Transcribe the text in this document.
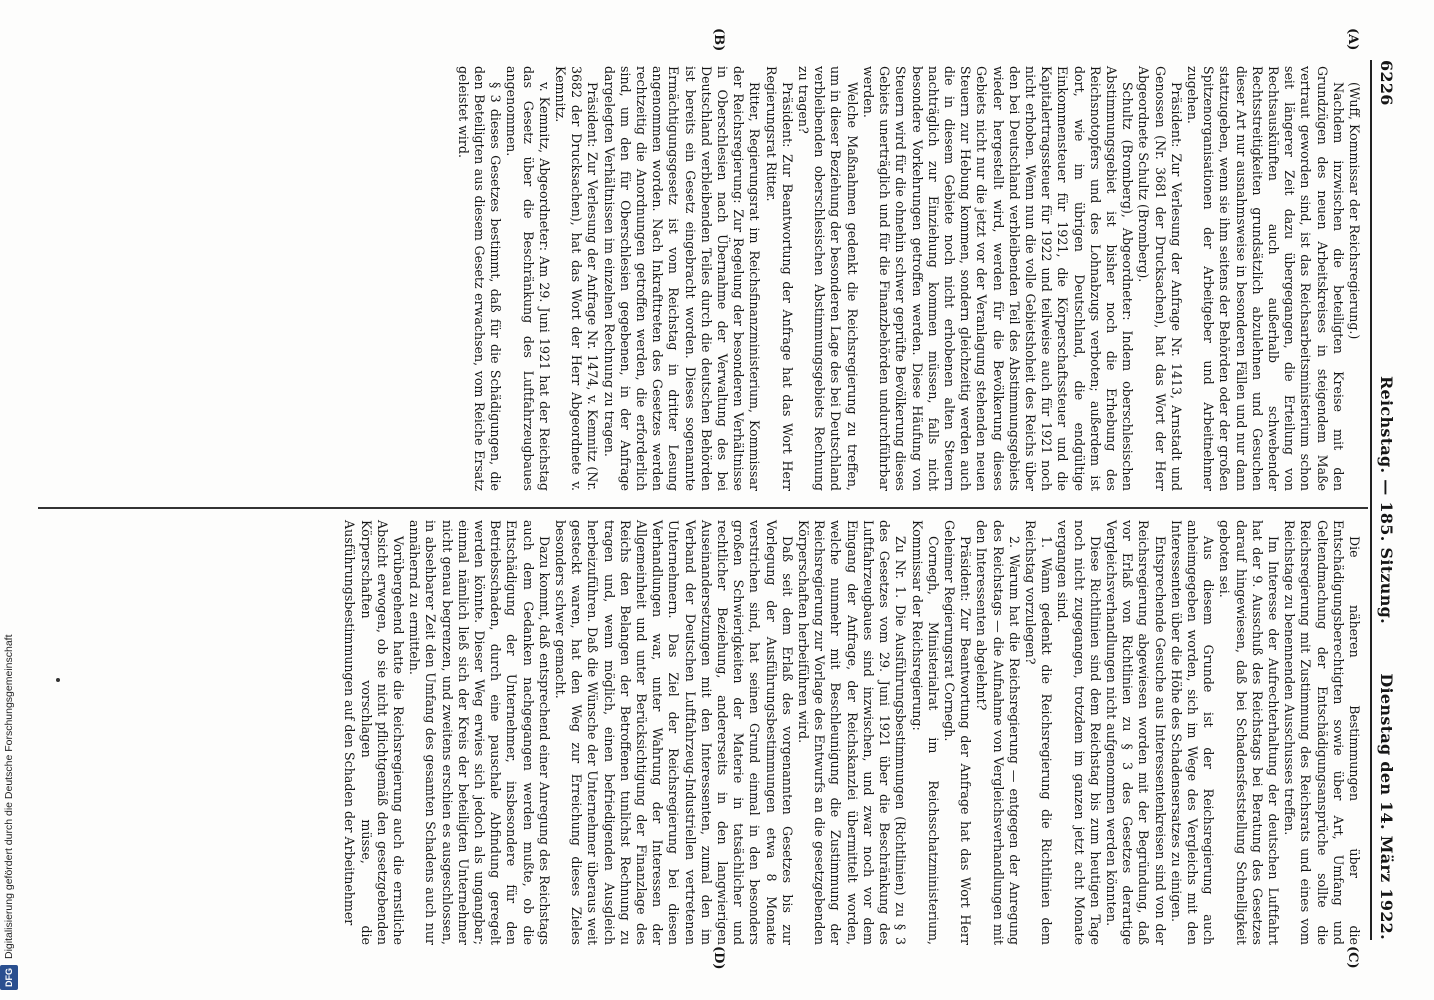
6226
Reichstag. — 185. Sitzung.
Dienstag den 14. März 1922.
(A)
(B)
(C)
(D)

(Wuff, Kommissar der Reichsregierung.)

Nachdem inzwischen die beteiligten Kreise mit den Grundzügen des neuen Arbeitskreises in steigendem Maße vertraut geworden sind, ist das Reichsarbeitsministerium schon seit längerer Zeit dazu übergegangen, die Erteilung von Rechtsauskünften auch außerhalb schwebender Rechtsstreitigkeiten grundsätzlich abzulehnen und Gesuchen dieser Art nur ausnahmsweise in besonderen Fällen und nur dann stattzugeben, wenn sie ihm seitens der Behörden oder der großen Spitzenorganisationen der Arbeitgeber und Arbeitnehmer zugehen.

Präsident: Zur Verlesung der Anfrage Nr. 1413, Arnstadt und Genossen (Nr. 3681 der Drucksachen), hat das Wort der Herr Abgeordnete Schultz (Bromberg).

Schultz (Bromberg), Abgeordneter: Indem oberschlesischen Abstimmungsgebiet ist bisher noch die Erhebung des Reichsnotopfers und des Lohnabzugs verboten; außerdem ist dort, wie im übrigen Deutschland, die endgültige Einkommensteuer für 1921, die Körperschaftssteuer und die Kapitalertragssteuer für 1922 und teilweise auch für 1921 noch nicht erhoben. Wenn nun die volle Gebietshoheit des Reichs über den bei Deutschland verbleibenden Teil des Abstimmungsgebiets wieder hergestellt wird, werden für die Bevölkerung dieses Gebiets nicht nur die jetzt vor der Veranlagung stehenden neuen Steuern zur Hebung kommen, sondern gleichzeitig werden auch die in diesem Gebiete noch nicht erhobenen alten Steuern nachträglich zur Einziehung kommen müssen, falls nicht besondere Vorkehrungen getroffen werden. Diese Häufung von Steuern wird für die ohnehin schwer geprüfte Bevölkerung dieses Gebiets unerträglich und für die Finanzbehörden undurchführbar werden.

Welche Maßnahmen gedenkt die Reichsregierung zu treffen, um in dieser Beziehung der besonderen Lage des bei Deutschland verbleibenden oberschlesischen Abstimmungsgebiets Rechnung zu tragen?

Präsident: Zur Beantwortung der Anfrage hat das Wort Herr Regierungsrat Ritter.

Ritter, Regierungsrat im Reichsfinanzministerium, Kommissar der Reichsregierung: Zur Regelung der besonderen Verhältnisse in Oberschlesien nach Übernahme der Verwaltung des bei Deutschland verbleibenden Teiles durch die deutschen Behörden ist bereits ein Gesetz eingebracht worden. Dieses sogenannte Ermächtigungsgesetz ist vom Reichstag in dritter Lesung angenommen worden. Nach Inkrafttreten des Gesetzes werden rechtzeitig die Anordnungen getroffen werden, die erforderlich sind, um den für Oberschlesien gegebenen, in der Anfrage dargelegten Verhältnissen im einzelnen Rechnung zu tragen.

Präsident: Zur Verlesung der Anfrage Nr. 1474, v. Kemnitz (Nr. 3682 der Drucksachen), hat das Wort der Herr Abgeordnete v. Kemnitz.

v. Kemnitz, Abgeordneter: Am 29. Juni 1921 hat der Reichstag das Gesetz über die Beschränkung des Luftfahrzeugbaues angenommen.

§ 3 dieses Gesetzes bestimmt, daß für die Schädigungen, die den Beteiligten aus diesem Gesetz erwachsen, vom Reiche Ersatz geleistet wird.

Die näheren Bestimmungen über die Entschädigungsberechtigten sowie über Art, Umfang und Geltendmachung der Entschädigungsansprüche sollte die Reichsregierung mit Zustimmung des Reichsrats und eines vom Reichstage zu benennenden Ausschusses treffen.

Im Interesse der Aufrechterhaltung der deutschen Luftfahrt hat der 9. Ausschuß des Reichstags bei Beratung des Gesetzes darauf hingewiesen, daß bei Schadensfeststellung Schnelligkeit geboten sei.

Aus diesem Grunde ist der Reichsregierung auch anheimgegeben worden, sich im Wege des Vergleichs mit den Interessenten über die Höhe des Schadensersatzes zu einigen.

Entsprechende Gesuche aus Interessentenkreisen sind von der Reichsregierung abgewiesen worden mit der Begründung, daß vor Erlaß von Richtlinien zu § 3 des Gesetzes derartige Vergleichsverhandlungen nicht aufgenommen werden könnten.

Diese Richtlinien sind dem Reichstag bis zum heutigen Tage noch nicht zugegangen, trotzdem im ganzen jetzt acht Monate vergangen sind.

1. Wann gedenkt die Reichsregierung die Richtlinien dem Reichstag vorzulegen?

2. Warum hat die Reichsregierung — entgegen der Anregung des Reichstags — die Aufnahme von Vergleichsverhandlungen mit den Interessenten abgelehnt?

Präsident: Zur Beantwortung der Anfrage hat das Wort Herr Geheimer Regierungsrat Cornegh.

Cornegh, Ministerialrat im Reichsschatzministerium, Kommissar der Reichsregierung:

Zu Nr. 1. Die Ausführungsbestimmungen (Richtlinien) zu § 3 des Gesetzes vom 29. Juni 1921 über die Beschränkung des Luftfahrzeugbaues sind inzwischen, und zwar noch vor dem Eingang der Anfrage, der Reichskanzlei übermittelt worden, welche nunmehr mit Beschleunigung die Zustimmung der Reichsregierung zur Vorlage des Entwurfs an die gesetzgebenden Körperschaften herbeiführen wird.

Daß seit dem Erlaß des vorgenannten Gesetzes bis zur Vorlegung der Ausführungsbestimmungen etwa 8 Monate verstrichen sind, hat seinen Grund einmal in den besonders großen Schwierigkeiten der Materie in tatsächlicher und rechtlicher Beziehung, andererseits in den langwierigen Auseinandersetzungen mit den Interessenten, zumal den im Verband der Deutschen Luftfahrzeug-Industriellen vertretenen Unternehmern. Das Ziel der Reichsregierung bei diesen Verhandlungen war, unter Wahrung der Interessen der Allgemeinheit und unter Berücksichtigung der Finanzlage des Reichs den Belangen der Betroffenen tunlichst Rechnung zu tragen und, wenn möglich, einen befriedigenden Ausgleich herbeizuführen. Daß die Wünsche der Unternehmer überaus weit gesteckt waren, hat den Weg zur Erreichung dieses Zieles besonders schwer gemacht.

Dazu kommt, daß entsprechend einer Anregung des Reichstags auch dem Gedanken nachgegangen werden mußte, ob die Entschädigung der Unternehmer, insbesondere für den Betriebsschaden, durch eine pauschale Abfindung geregelt werden könnte. Dieser Weg erwies sich jedoch als ungangbar; einmal nämlich ließ sich der Kreis der beteiligten Unternehmer nicht genau begrenzen, und zweitens erschien es ausgeschlossen, in absehbarer Zeit den Umfang des gesamten Schadens auch nur annähernd zu ermitteln.

Vorübergehend hatte die Reichsregierung auch die ernstliche Absicht erwogen, ob sie nicht pflichtgemäß den gesetzgebenden Körperschaften vorschlagen müsse, die Ausführungsbestimmungen auf den Schaden der Arbeitnehmer

DFGDigitalisierung gefördert durch die Deutsche Forschungsgemeinschaft
